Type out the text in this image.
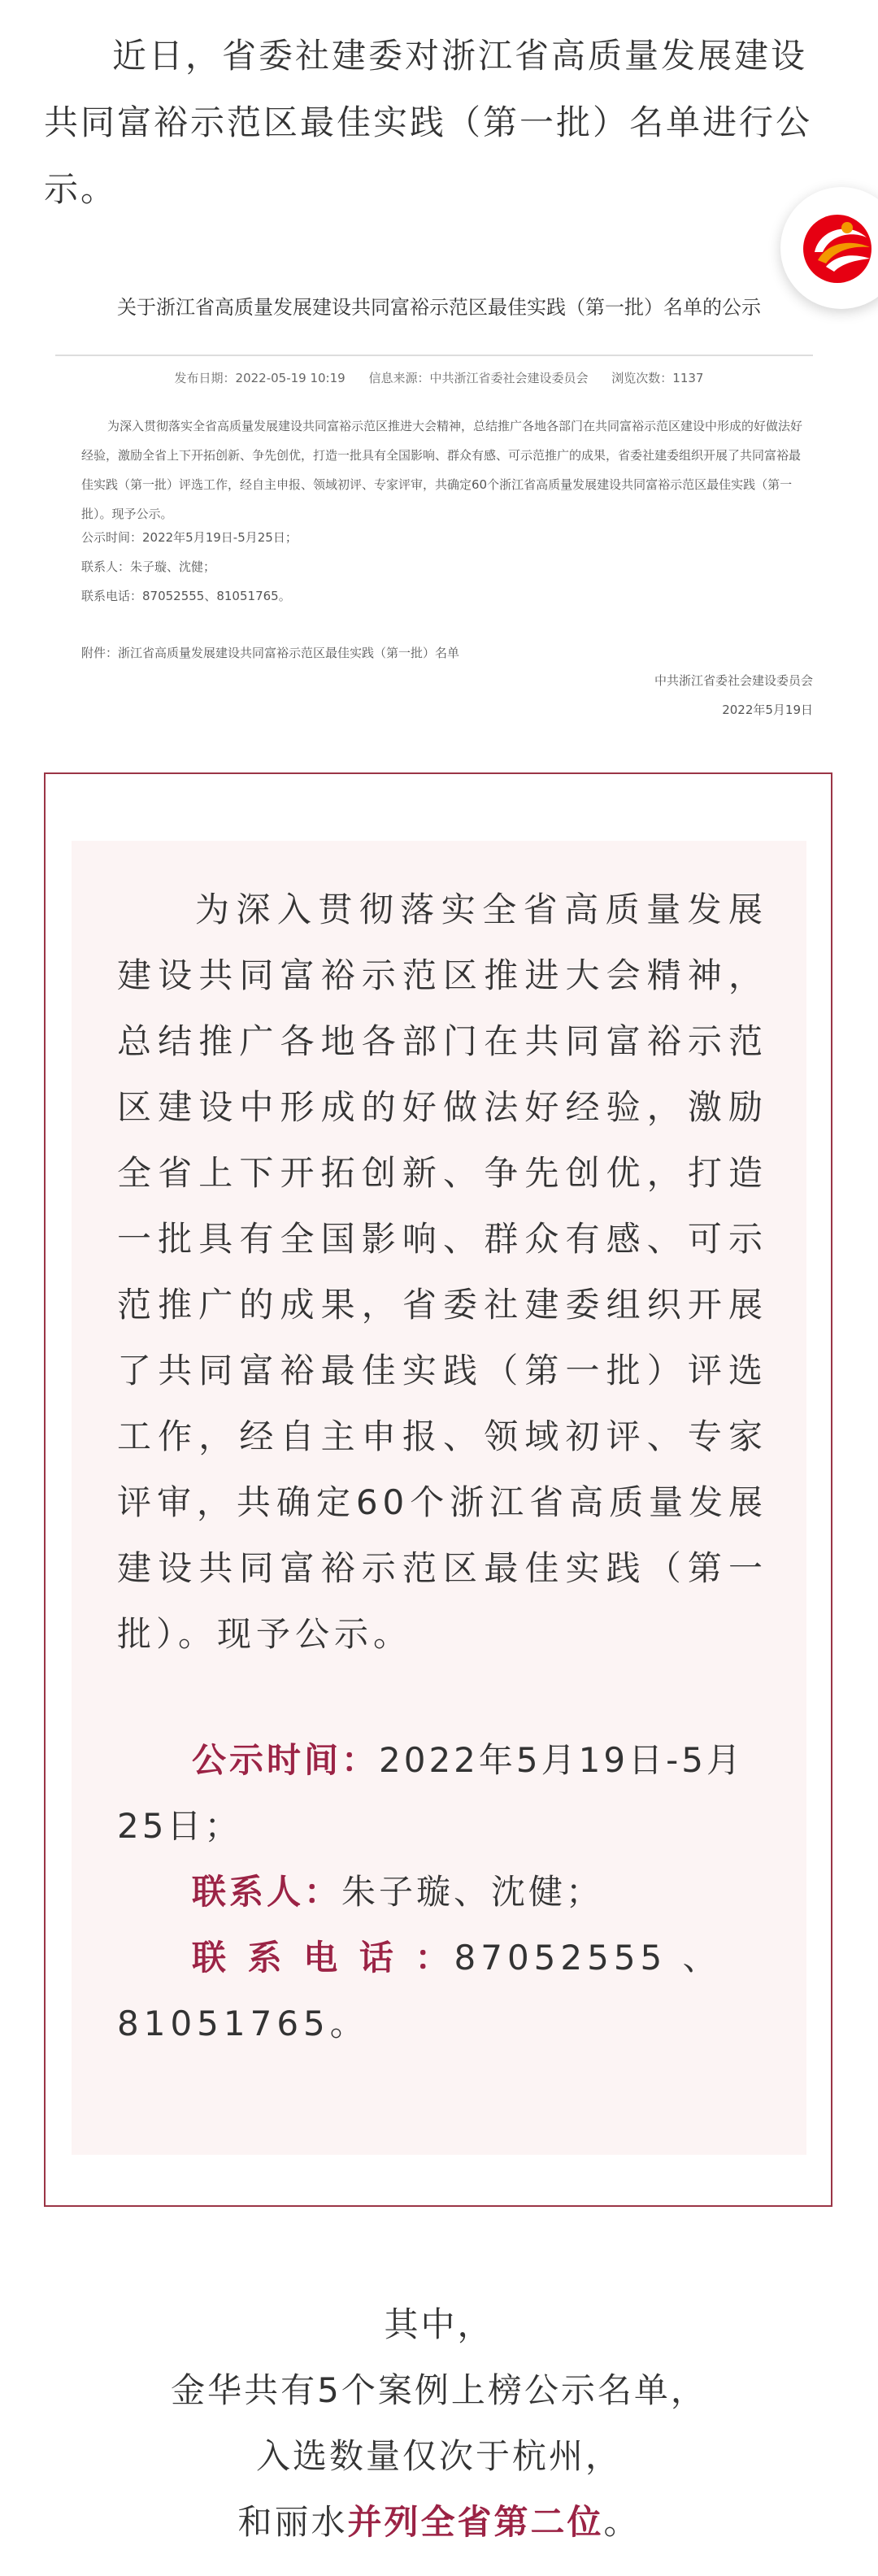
近日，省委社建委对浙江省高质量发展建设共同富裕示范区最佳实践（第一批）名单进行公示。
关于浙江省高质量发展建设共同富裕示范区最佳实践（第一批）名单的公示
发布日期：2022-05-19 10:19 信息来源：中共浙江省委社会建设委员会 浏览次数：1137
为深入贯彻落实全省高质量发展建设共同富裕示范区推进大会精神，总结推广各地各部门在共同富裕示范区建设中形成的好做法好经验，激励全省上下开拓创新、争先创优，打造一批具有全国影响、群众有感、可示范推广的成果，省委社建委组织开展了共同富裕最佳实践（第一批）评选工作，经自主申报、领域初评、专家评审，共确定60个浙江省高质量发展建设共同富裕示范区最佳实践（第一批）。现予公示。
公示时间：2022年5月19日-5月25日；
联系人：朱子璇、沈健；
联系电话：87052555、81051765。
附件：浙江省高质量发展建设共同富裕示范区最佳实践（第一批）名单
中共浙江省委社会建设委员会
2022年5月19日
为深入贯彻落实全省高质量发展建设共同富裕示范区推进大会精神，总结推广各地各部门在共同富裕示范区建设中形成的好做法好经验，激励全省上下开拓创新、争先创优，打造一批具有全国影响、群众有感、可示范推广的成果，省委社建委组织开展了共同富裕最佳实践（第一批）评选工作，经自主申报、领域初评、专家评审，共确定60个浙江省高质量发展建设共同富裕示范区最佳实践（第一批）。现予公示。
公示时间：2022年5月19日-5月25日；
联系人：朱子璇、沈健；
联 系 电 话 ：87052555 、 81051765。
其中，
金华共有5个案例上榜公示名单，
入选数量仅次于杭州，
和丽水并列全省第二位。
